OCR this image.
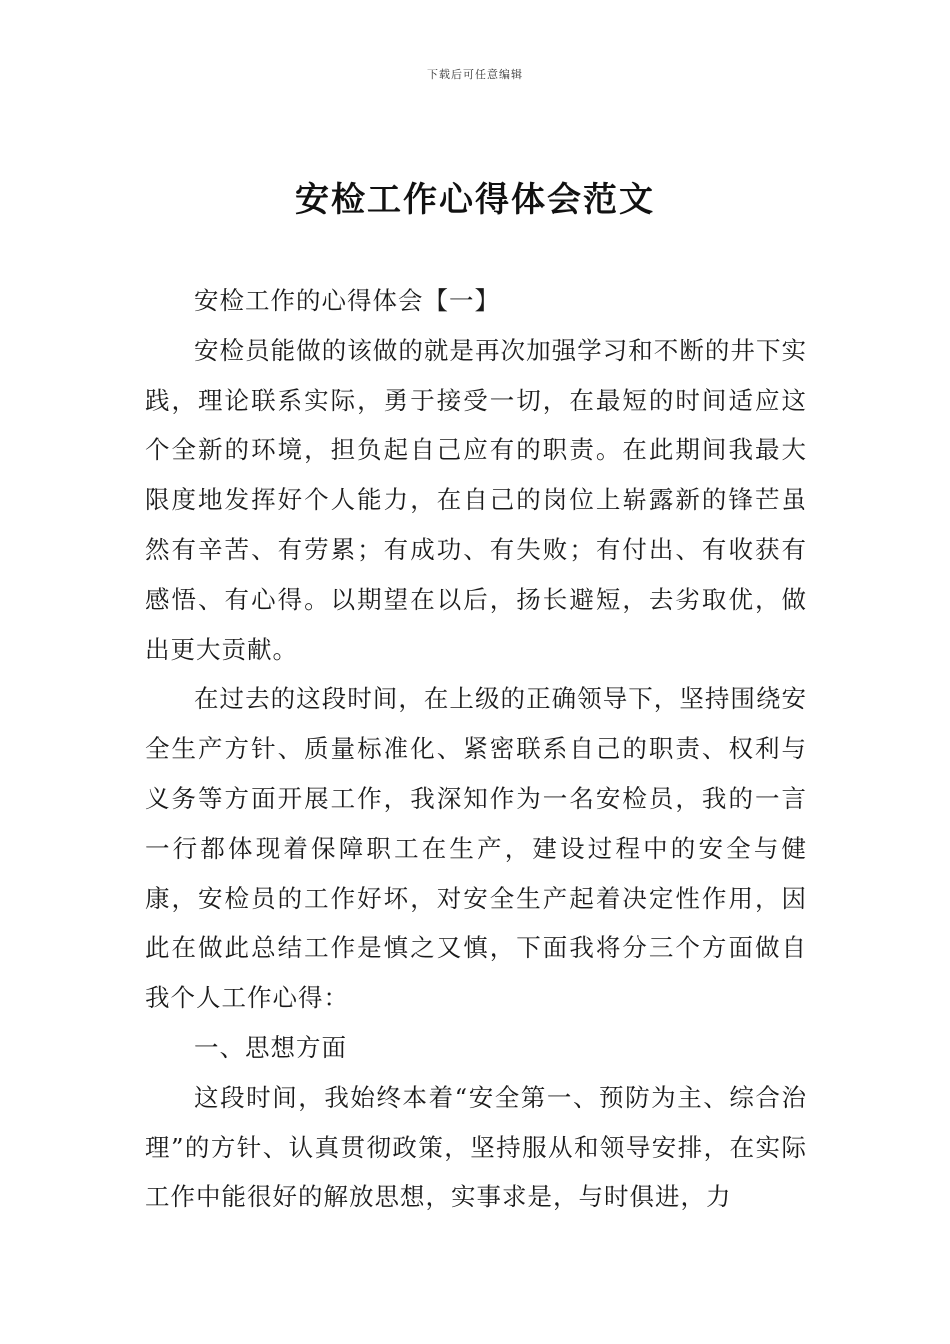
下载后可任意编辑
安检工作心得体会范文

安检工作的心得体会【一】

安检员能做的该做的就是再次加强学习和不断的井下实践，理论联系实际，勇于接受一切，在最短的时间适应这个全新的环境，担负起自己应有的职责。在此期间我最大限度地发挥好个人能力，在自己的岗位上崭露新的锋芒虽然有辛苦、有劳累；有成功、有失败；有付出、有收获有感悟、有心得。以期望在以后，扬长避短，去劣取优，做出更大贡献。

在过去的这段时间，在上级的正确领导下，坚持围绕安全生产方针、质量标准化、紧密联系自己的职责、权利与义务等方面开展工作，我深知作为一名安检员，我的一言一行都体现着保障职工在生产，建设过程中的安全与健康，安检员的工作好坏，对安全生产起着决定性作用，因此在做此总结工作是慎之又慎，下面我将分三个方面做自我个人工作心得：

一、思想方面

这段时间，我始终本着“安全第一、预防为主、综合治理”的方针、认真贯彻政策，坚持服从和领导安排，在实际工作中能很好的解放思想，实事求是，与时俱进，力
